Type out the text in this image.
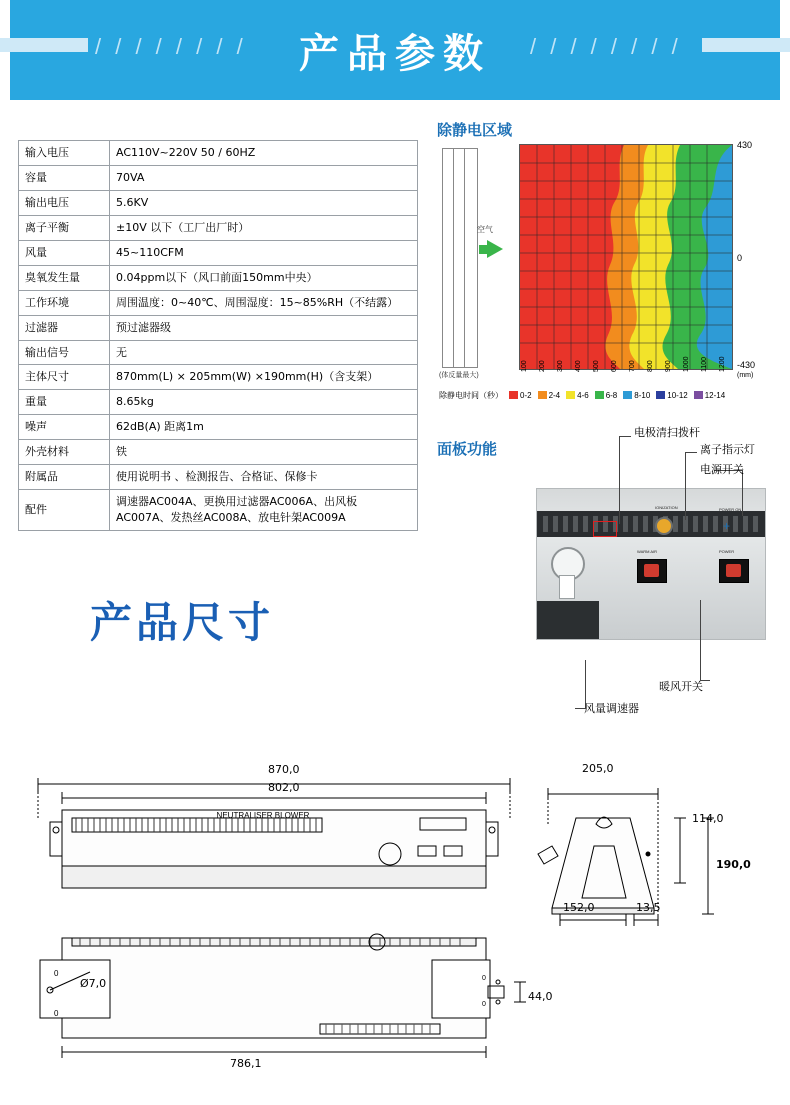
/ / / / / / / /	/ / / / / / / /
产品参数
输入电压	AC110V~220V 50 / 60HZ
容量	70VA
输出电压	5.6KV
离子平衡	±10V 以下（工厂出厂时）
风量	45~110CFM
臭氧发生量	0.04ppm以下（风口前面150mm中央）
工作环境	周围温度：0~40℃、周围湿度：15~85%RH（不结露）
过滤器	预过滤器级
输出信号	无
主体尺寸	870mm(L) × 205mm(W) ×190mm(H)（含支架）
重量	8.65kg
噪声	62dB(A) 距离1m
外壳材料	铁
附属品	使用说明书 、检测报告、合格证、保修卡
配件	调速器AC004A、更换用过滤器AC006A、出风板AC007A、发热丝AC008A、放电针架AC009A
除静电区域
空气
(体反量最大)
430
0
-430
100 200 300 400 500 600 700 800 900 1000 1100 1200
(mm)
除静电时间（秒） 0-2 2-4 4-6 6-8 8-10 10-12 12-14
面板功能
+
IONIZATION	POWER ON
WARM AIR	POWER
电极清扫拨杆
离子指示灯
电源开关
暖风开关
风量调速器
产品尺寸
NEUTRALISER BLOWER
870,0
802,0
205,0
114,0
190,0
152,0	13,5
0
0
0
0
Ø7,0
44,0
786,1
